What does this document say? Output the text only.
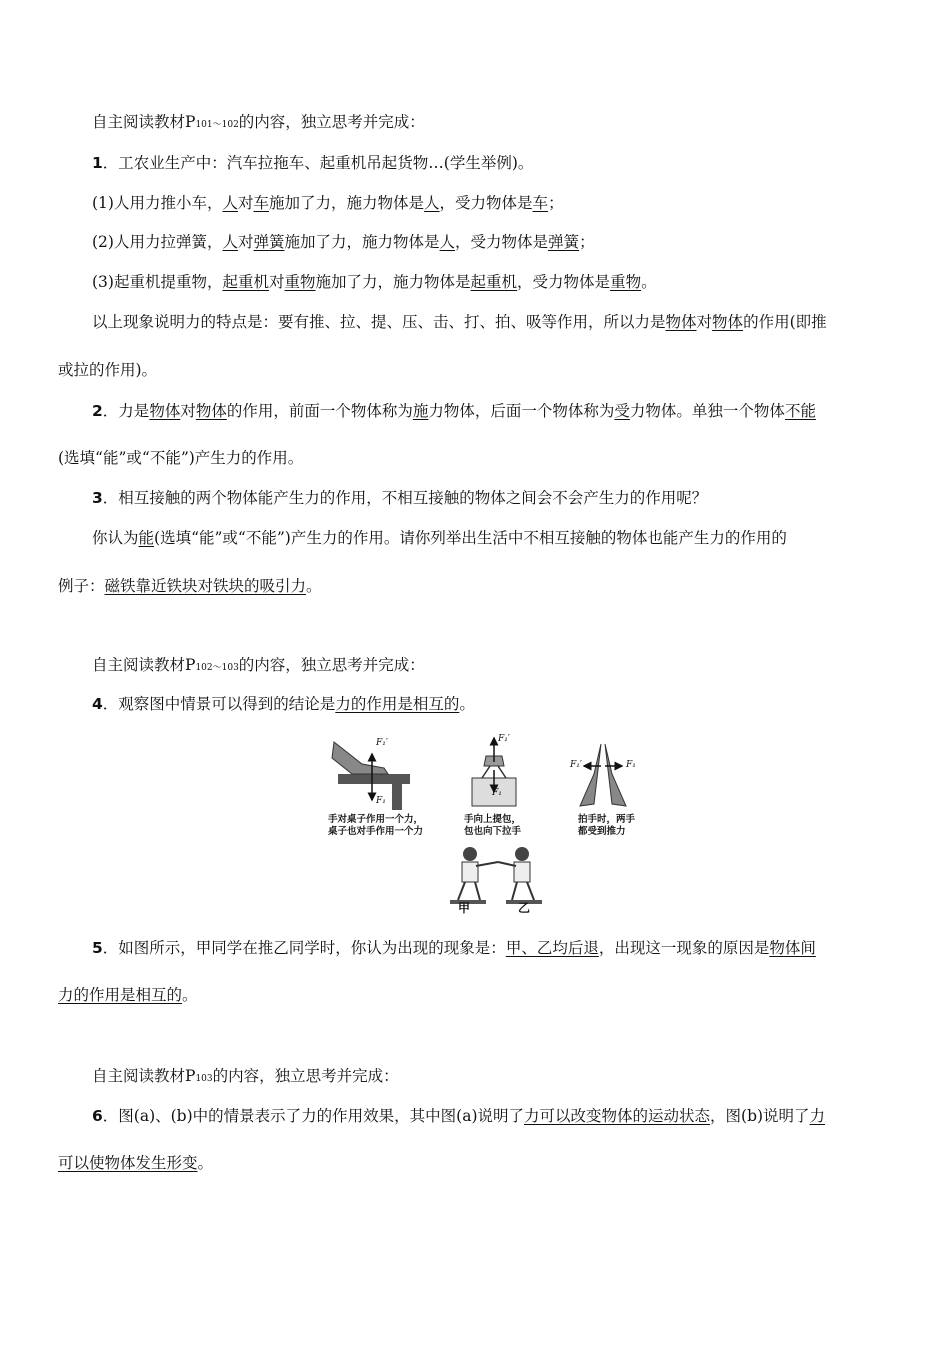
自主阅读教材P101～102的内容，独立思考并完成：
1．工农业生产中：汽车拉拖车、起重机吊起货物…(学生举例)。
(1)人用力推小车，人对车施加了力，施力物体是人，受力物体是车；
(2)人用力拉弹簧，人对弹簧施加了力，施力物体是人，受力物体是弹簧；
(3)起重机提重物，起重机对重物施加了力，施力物体是起重机，受力物体是重物。
以上现象说明力的特点是：要有推、拉、提、压、击、打、拍、吸等作用，所以力是物体对物体的作用(即推
或拉的作用)。
2．力是物体对物体的作用，前面一个物体称为施力物体，后面一个物体称为受力物体。单独一个物体不能
(选填“能”或“不能”)产生力的作用。
3．相互接触的两个物体能产生力的作用，不相互接触的物体之间会不会产生力的作用呢？
你认为能(选填“能”或“不能”)产生力的作用。请你列举出生活中不相互接触的物体也能产生力的作用的
例子：磁铁靠近铁块对铁块的吸引力。
自主阅读教材P102～103的内容，独立思考并完成：
4．观察图中情景可以得到的结论是力的作用是相互的。
F₁′
F₁
F₁′
F₁
F₁′	F₁
手对桌子作用一个力，
桌子也对手作用一个力
手向上提包，
包也向下拉手
拍手时，两手
都受到推力
甲	乙
5．如图所示，甲同学在推乙同学时，你认为出现的现象是：甲、乙均后退，出现这一现象的原因是物体间
力的作用是相互的。
自主阅读教材P103的内容，独立思考并完成：
6．图(a)、(b)中的情景表示了力的作用效果，其中图(a)说明了力可以改变物体的运动状态，图(b)说明了力
可以使物体发生形变。
